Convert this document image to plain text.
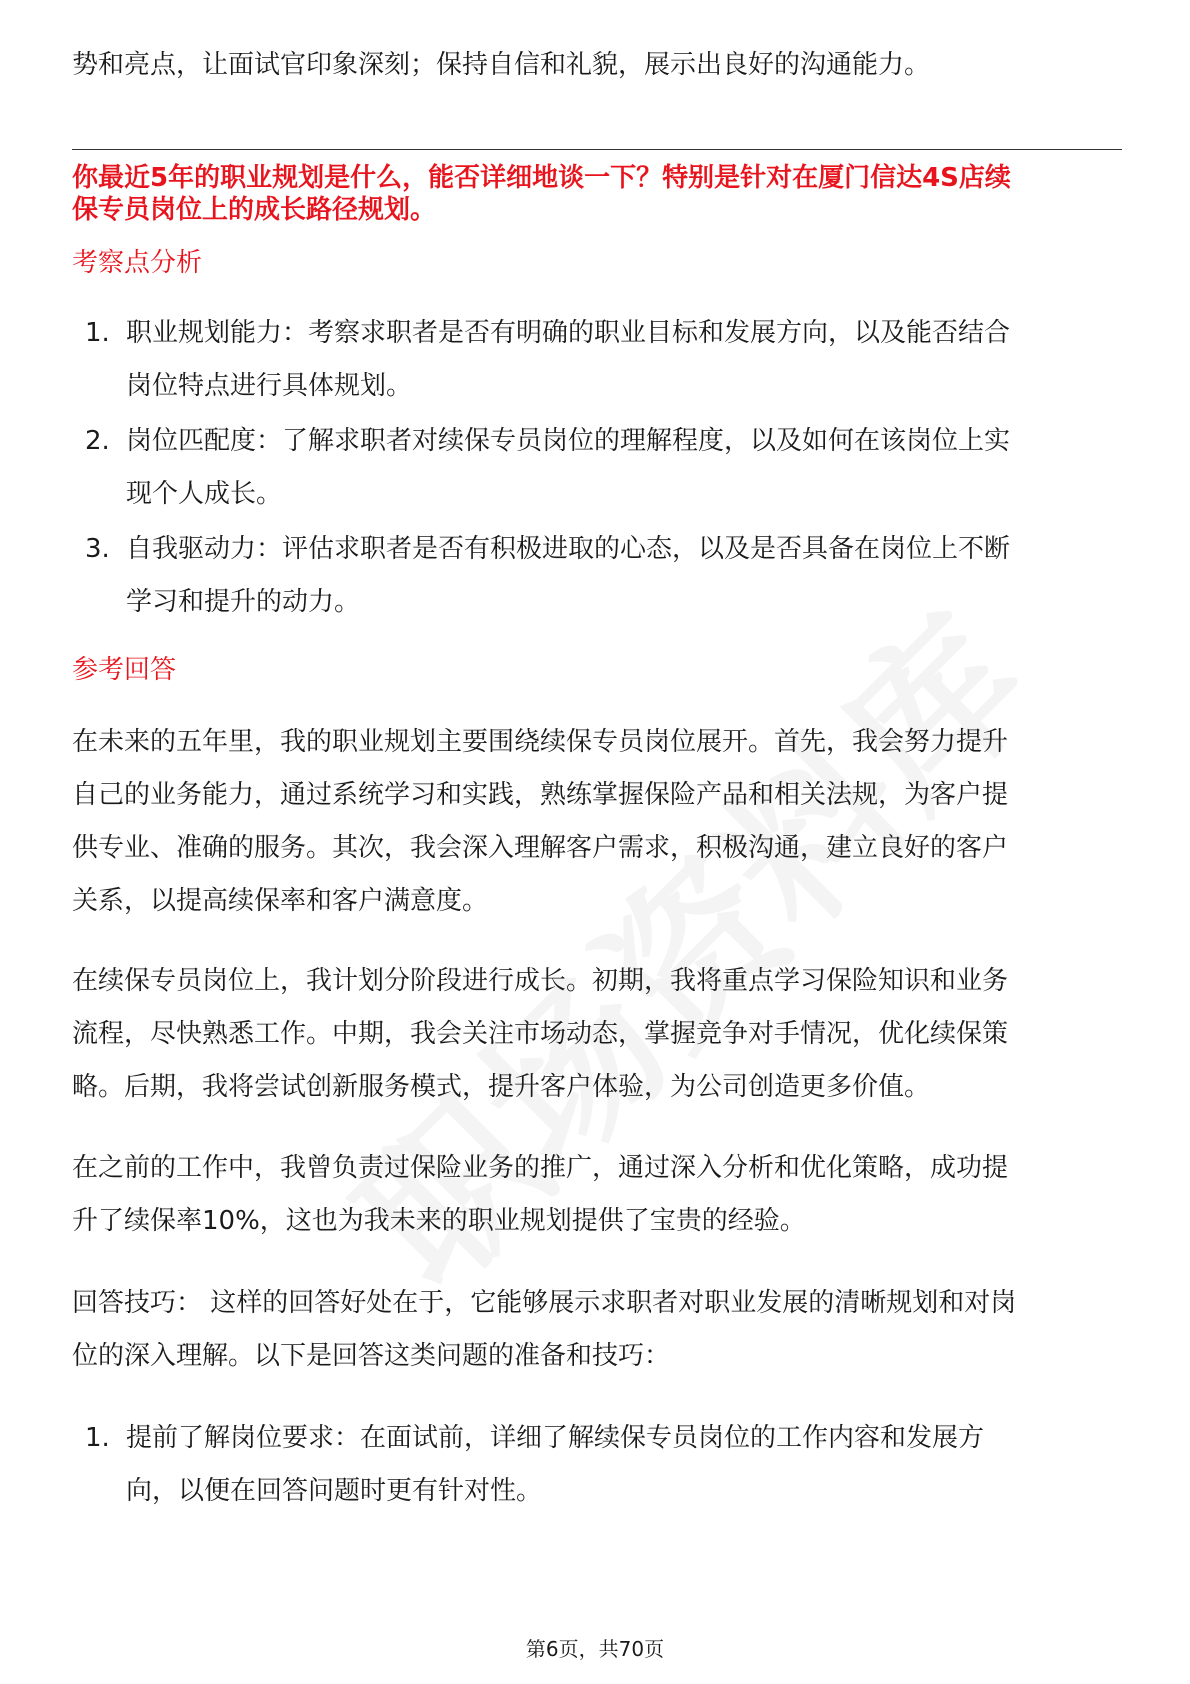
势和亮点，让面试官印象深刻；保持自信和礼貌，展示出良好的沟通能力。
你最近5年的职业规划是什么，能否详细地谈一下？特别是针对在厦门信达4S店续
保专员岗位上的成长路径规划。
考察点分析
1. 职业规划能力：考察求职者是否有明确的职业目标和发展方向，以及能否结合
岗位特点进行具体规划。
2. 岗位匹配度：了解求职者对续保专员岗位的理解程度，以及如何在该岗位上实
现个人成长。
3. 自我驱动力：评估求职者是否有积极进取的心态，以及是否具备在岗位上不断
学习和提升的动力。
参考回答
在未来的五年里，我的职业规划主要围绕续保专员岗位展开。首先，我会努力提升
自己的业务能力，通过系统学习和实践，熟练掌握保险产品和相关法规，为客户提
供专业、准确的服务。其次，我会深入理解客户需求，积极沟通，建立良好的客户
关系，以提高续保率和客户满意度。
在续保专员岗位上，我计划分阶段进行成长。初期，我将重点学习保险知识和业务
流程，尽快熟悉工作。中期，我会关注市场动态，掌握竞争对手情况，优化续保策
略。后期，我将尝试创新服务模式，提升客户体验，为公司创造更多价值。
在之前的工作中，我曾负责过保险业务的推广，通过深入分析和优化策略，成功提
升了续保率10%，这也为我未来的职业规划提供了宝贵的经验。
回答技巧： 这样的回答好处在于，它能够展示求职者对职业发展的清晰规划和对岗
位的深入理解。以下是回答这类问题的准备和技巧：
1. 提前了解岗位要求：在面试前，详细了解续保专员岗位的工作内容和发展方
向，以便在回答问题时更有针对性。
第6页，共70页
